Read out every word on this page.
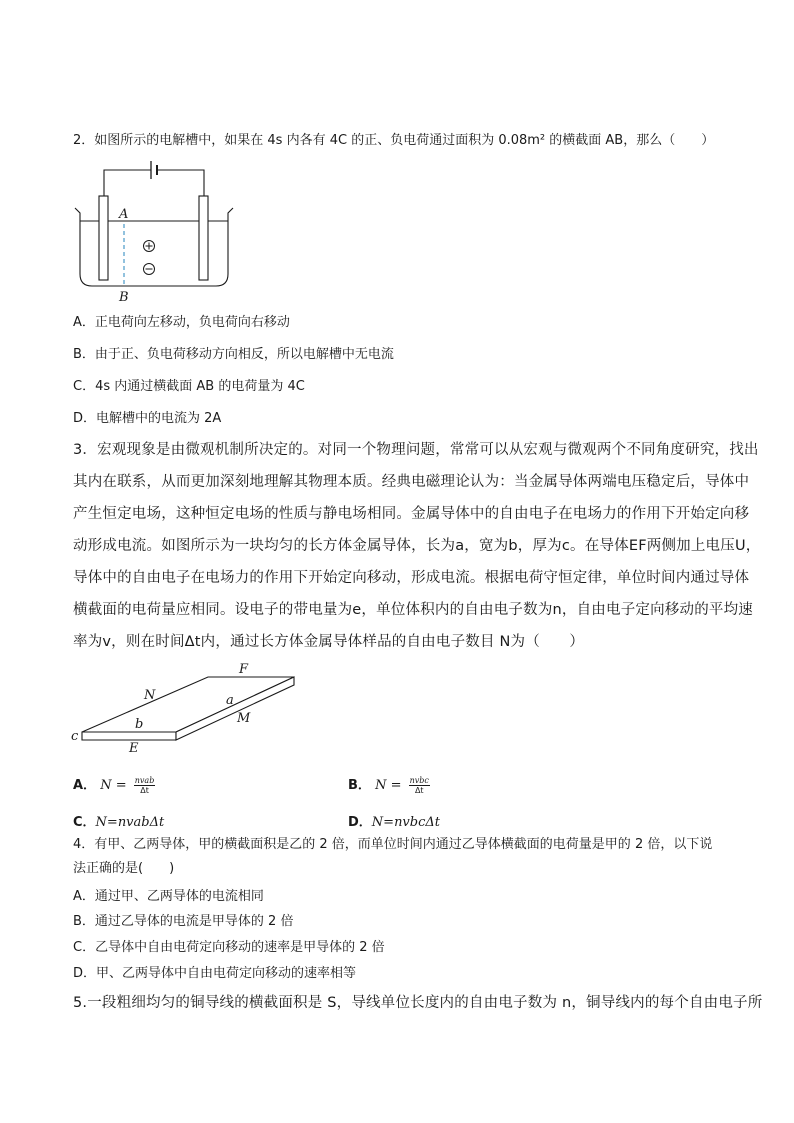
2．如图所示的电解槽中，如果在 4s 内各有 4C 的正、负电荷通过面积为 0.08m² 的横截面 AB，那么（　　）
A
B
A．正电荷向左移动，负电荷向右移动
B．由于正、负电荷移动方向相反，所以电解槽中无电流
C．4s 内通过横截面 AB 的电荷量为 4C
D．电解槽中的电流为 2A
3．宏观现象是由微观机制所决定的。对同一个物理问题，常常可以从宏观与微观两个不同角度研究，找出
其内在联系，从而更加深刻地理解其物理本质。经典电磁理论认为：当金属导体两端电压稳定后，导体中
产生恒定电场，这种恒定电场的性质与静电场相同。金属导体中的自由电子在电场力的作用下开始定向移
动形成电流。如图所示为一块均匀的长方体金属导体，长为a，宽为b，厚为c。在导体EF两侧加上电压U，
导体中的自由电子在电场力的作用下开始定向移动，形成电流。根据电荷守恒定律，单位时间内通过导体
横截面的电荷量应相同。设电子的带电量为e，单位体积内的自由电子数为n，自由电子定向移动的平均速
率为v，则在时间Δt内，通过长方体金属导体样品的自由电子数目 N为（　　）
F
N	a
M
b
c
E
A． $N = \frac{\text{nvab}}{\Delta t}$	B． $N = \frac{\text{nvbc}}{\Delta t}$
C．N=nvabΔt	D．N=nvbcΔt
4．有甲、乙两导体，甲的横截面积是乙的 2 倍，而单位时间内通过乙导体横截面的电荷量是甲的 2 倍，以下说
法正确的是(　　)
A．通过甲、乙两导体的电流相同
B．通过乙导体的电流是甲导体的 2 倍
C．乙导体中自由电荷定向移动的速率是甲导体的 2 倍
D．甲、乙两导体中自由电荷定向移动的速率相等
5.一段粗细均匀的铜导线的横截面积是 S，导线单位长度内的自由电子数为 n，铜导线内的每个自由电子所
